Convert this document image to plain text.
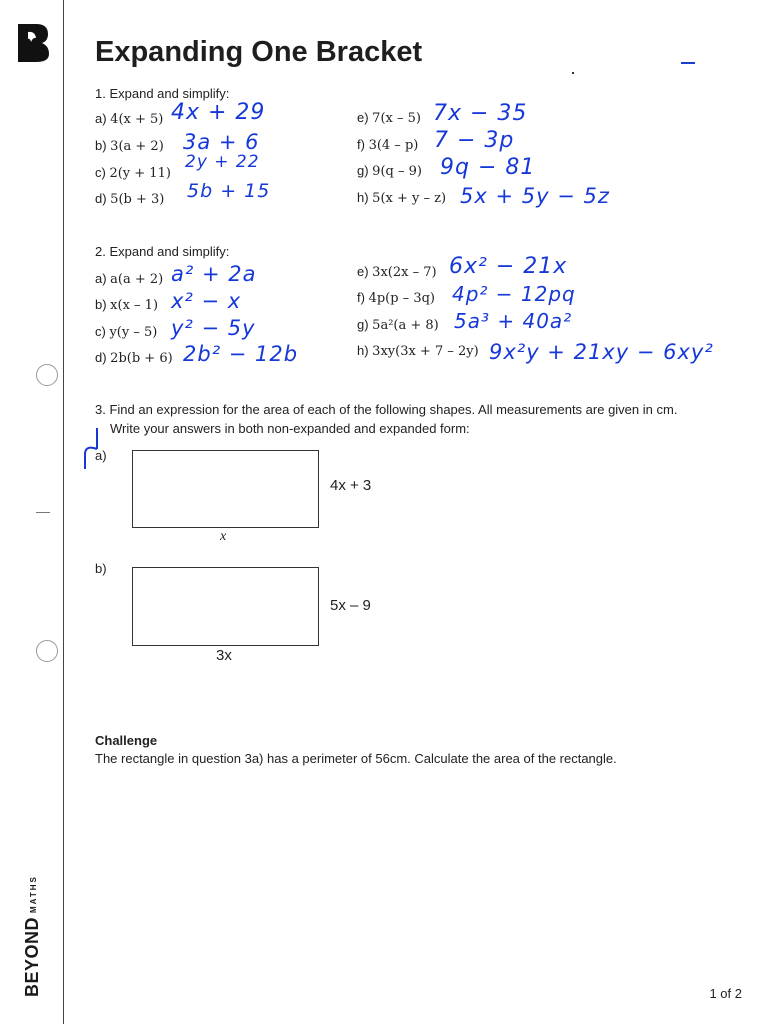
BEYONDMATHS
Expanding One Bracket
1. Expand and simplify:
a) 4(x + 5)
b) 3(a + 2)
c) 2(y + 11)
d) 5(b + 3)
4x + 29
3a + 6
2y + 22
5b + 15
e) 7(x – 5)
f) 3(4 – p)
g) 9(q – 9)
h) 5(x + y – z)
7x − 35
7 − 3p
9q − 81
5x + 5y − 5z
2. Expand and simplify:
a) a(a + 2)
b) x(x – 1)
c) y(y – 5)
d) 2b(b + 6)
a² + 2a
x² − x
y² − 5y
2b² − 12b
e) 3x(2x – 7)
f) 4p(p – 3q)
g) 5a²(a + 8)
h) 3xy(3x + 7 – 2y)
6x² − 21x
4p² − 12pq
5a³ + 40a²
9x²y + 21xy − 6xy²
3. Find an expression for the area of each of the following shapes. All measurements are given in cm.
Write your answers in both non-expanded and expanded form:
a)
4x + 3
x
b)
5x – 9
3x
Challenge
The rectangle in question 3a) has a perimeter of 56cm. Calculate the area of the rectangle.
1 of 2
